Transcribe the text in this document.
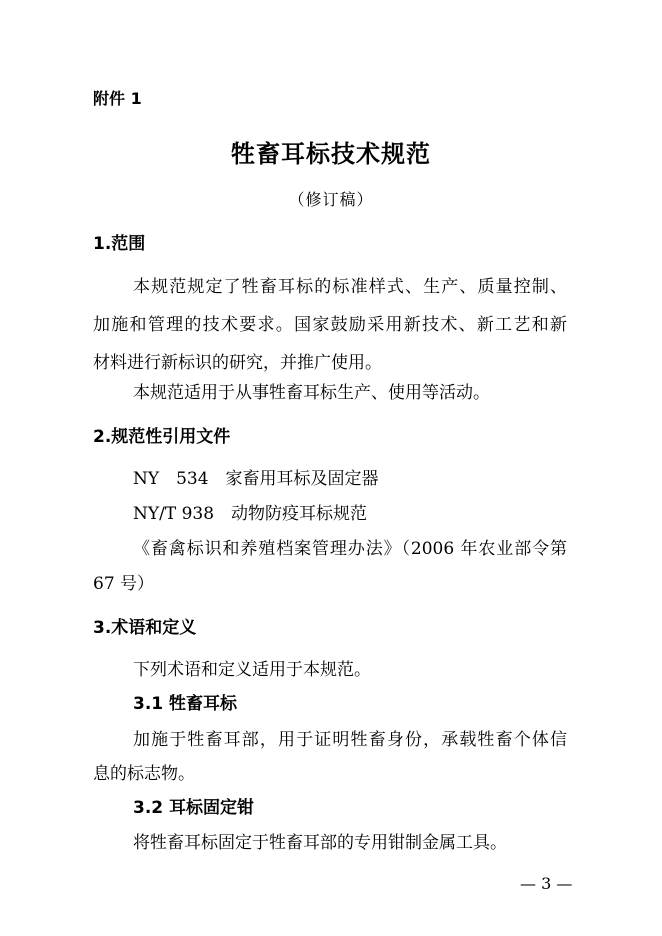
附件 1
牲畜耳标技术规范
（修订稿）
1.范围
本规范规定了牲畜耳标的标准样式、生产、质量控制、
加施和管理的技术要求。国家鼓励采用新技术、新工艺和新
材料进行新标识的研究，并推广使用。
本规范适用于从事牲畜耳标生产、使用等活动。
2.规范性引用文件
NY　534　家畜用耳标及固定器
NY/T 938　动物防疫耳标规范
《畜禽标识和养殖档案管理办法》（2006 年农业部令第
67 号）
3.术语和定义
下列术语和定义适用于本规范。
3.1 牲畜耳标
加施于牲畜耳部，用于证明牲畜身份，承载牲畜个体信
息的标志物。
3.2 耳标固定钳
将牲畜耳标固定于牲畜耳部的专用钳制金属工具。
— 3 —
